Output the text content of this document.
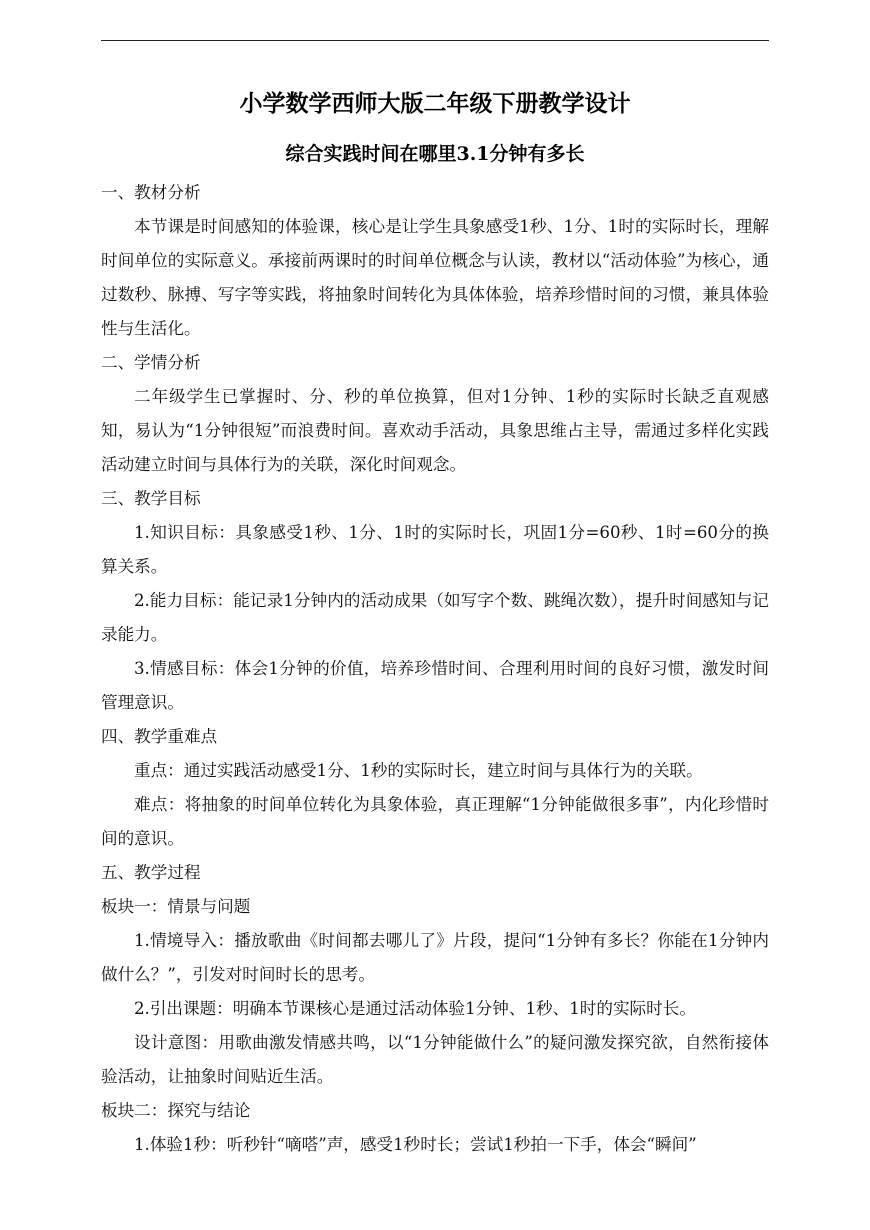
小学数学西师大版二年级下册教学设计
综合实践时间在哪里3.1分钟有多长
一、教材分析

本节课是时间感知的体验课，核心是让学生具象感受1秒、1分、1时的实际时长，理解时间单位的实际意义。承接前两课时的时间单位概念与认读，教材以“活动体验”为核心，通过数秒、脉搏、写字等实践，将抽象时间转化为具体体验，培养珍惜时间的习惯，兼具体验性与生活化。

二、学情分析

二年级学生已掌握时、分、秒的单位换算，但对1分钟、1秒的实际时长缺乏直观感知，易认为“1分钟很短”而浪费时间。喜欢动手活动，具象思维占主导，需通过多样化实践活动建立时间与具体行为的关联，深化时间观念。

三、教学目标

1.知识目标：具象感受1秒、1分、1时的实际时长，巩固1分=60秒、1时=60分的换算关系。

2.能力目标：能记录1分钟内的活动成果（如写字个数、跳绳次数），提升时间感知与记录能力。

3.情感目标：体会1分钟的价值，培养珍惜时间、合理利用时间的良好习惯，激发时间管理意识。

四、教学重难点

重点：通过实践活动感受1分、1秒的实际时长，建立时间与具体行为的关联。

难点：将抽象的时间单位转化为具象体验，真正理解“1分钟能做很多事”，内化珍惜时间的意识。

五、教学过程
板块一：情景与问题

1.情境导入：播放歌曲《时间都去哪儿了》片段，提问“1分钟有多长？你能在1分钟内做什么？”，引发对时间时长的思考。

2.引出课题：明确本节课核心是通过活动体验1分钟、1秒、1时的实际时长。

设计意图：用歌曲激发情感共鸣，以“1分钟能做什么”的疑问激发探究欲，自然衔接体验活动，让抽象时间贴近生活。

板块二：探究与结论

1.体验1秒：听秒针“嘀嗒”声，感受1秒时长；尝试1秒拍一下手，体会“瞬间”
